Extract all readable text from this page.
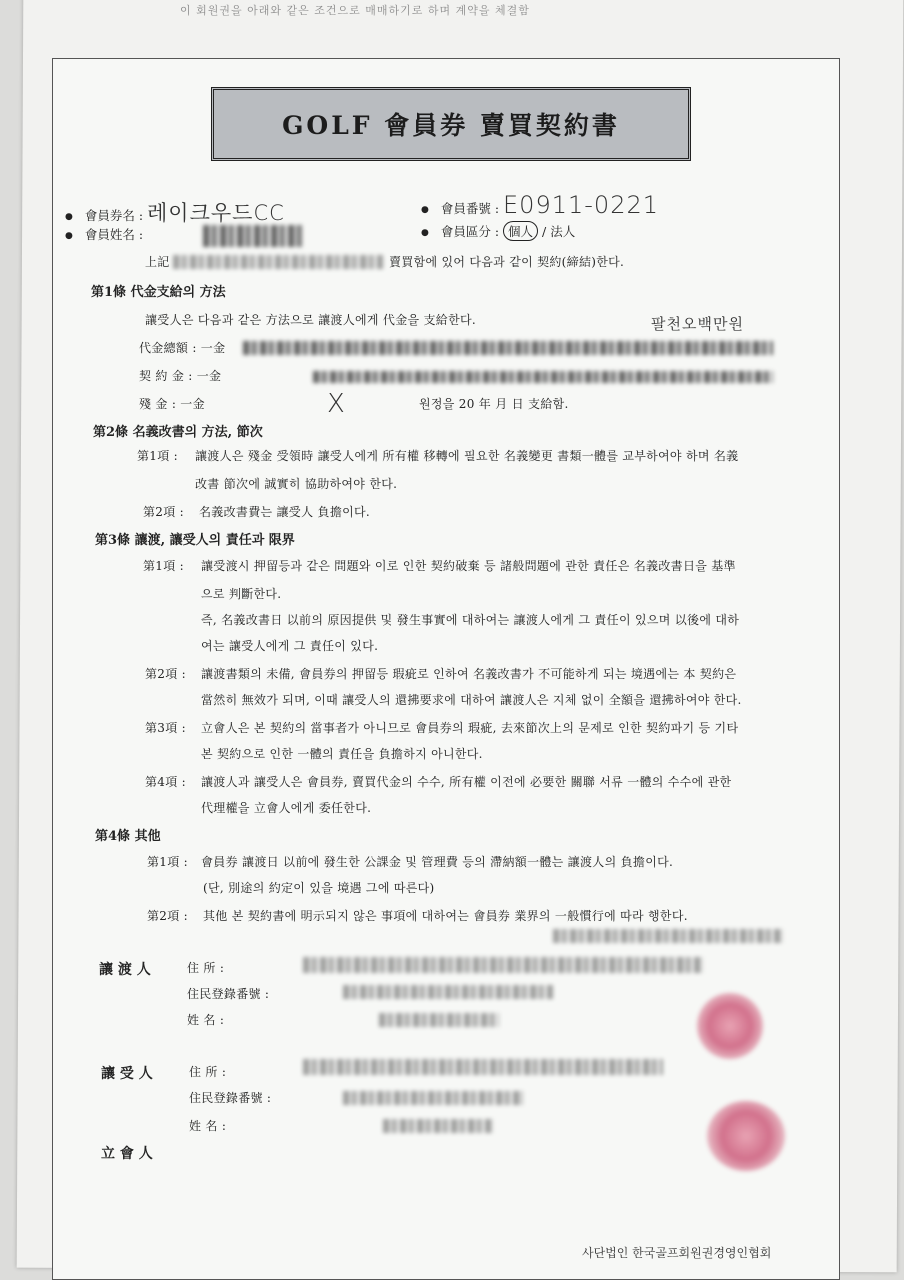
이 회원권을 아래와 같은 조건으로 매매하기로 하며 계약을 체결함
GOLF 會員券 賣買契約書
● 會員券名 : 레이크우드CC	● 會員番號 : E0911-0221
● 會員姓名 :	● 會員區分 : 個人 / 法人
上記	賣買함에 있어 다음과 같이 契約(締結)한다.
第1條 代金支給의 方法
讓受人은 다음과 같은 方法으로 讓渡人에게 代金을 支給한다.	팔천오백만원
代金總額 : 一金
契 約 金 : 一金
殘 金 : 一金	X	원정을 20 年 月 日 支給함.
第2條 名義改書의 方法, 節次
第1項 : 讓渡人은 殘金 受領時 讓受人에게 所有權 移轉에 필요한 名義變更 書類一體를 교부하여야 하며 名義
改書 節次에 誠實히 協助하여야 한다.
第2項 : 名義改書費는 讓受人 負擔이다.
第3條 讓渡, 讓受人의 責任과 限界
第1項 : 讓受渡시 押留등과 같은 問題와 이로 인한 契約破棄 등 諸般問題에 관한 責任은 名義改書日을 基準
으로 判斷한다.
즉, 名義改書日 以前의 原因提供 및 發生事實에 대하여는 讓渡人에게 그 責任이 있으며 以後에 대하
여는 讓受人에게 그 責任이 있다.
第2項 : 讓渡書類의 未備, 會員券의 押留등 瑕疵로 인하여 名義改書가 不可能하게 되는 境遇에는 本 契約은
當然히 無效가 되며, 이때 讓受人의 還拂要求에 대하여 讓渡人은 지체 없이 全額을 還拂하여야 한다.
第3項 : 立會人은 본 契約의 當事者가 아니므로 會員券의 瑕疵, 去來節次上의 문제로 인한 契約파기 등 기타
본 契約으로 인한 一體의 責任을 負擔하지 아니한다.
第4項 : 讓渡人과 讓受人은 會員券, 賣買代金의 수수, 所有權 이전에 必要한 關聯 서류 一體의 수수에 관한
代理權을 立會人에게 委任한다.
第4條 其他
第1項 : 會員券 讓渡日 以前에 發生한 公課金 및 管理費 등의 滯納額一體는 讓渡人의 負擔이다.
(단, 別途의 約定이 있을 境遇 그에 따른다)
第2項 : 其他 본 契約書에 明示되지 않은 事項에 대하여는 會員券 業界의 一般慣行에 따라 행한다.
讓 渡 人	住 所 :
住民登錄番號 :
姓 名 :
讓 受 人	住 所 :
住民登錄番號 :
姓 名 :
立 會 人
사단법인 한국골프회원권경영인협회
